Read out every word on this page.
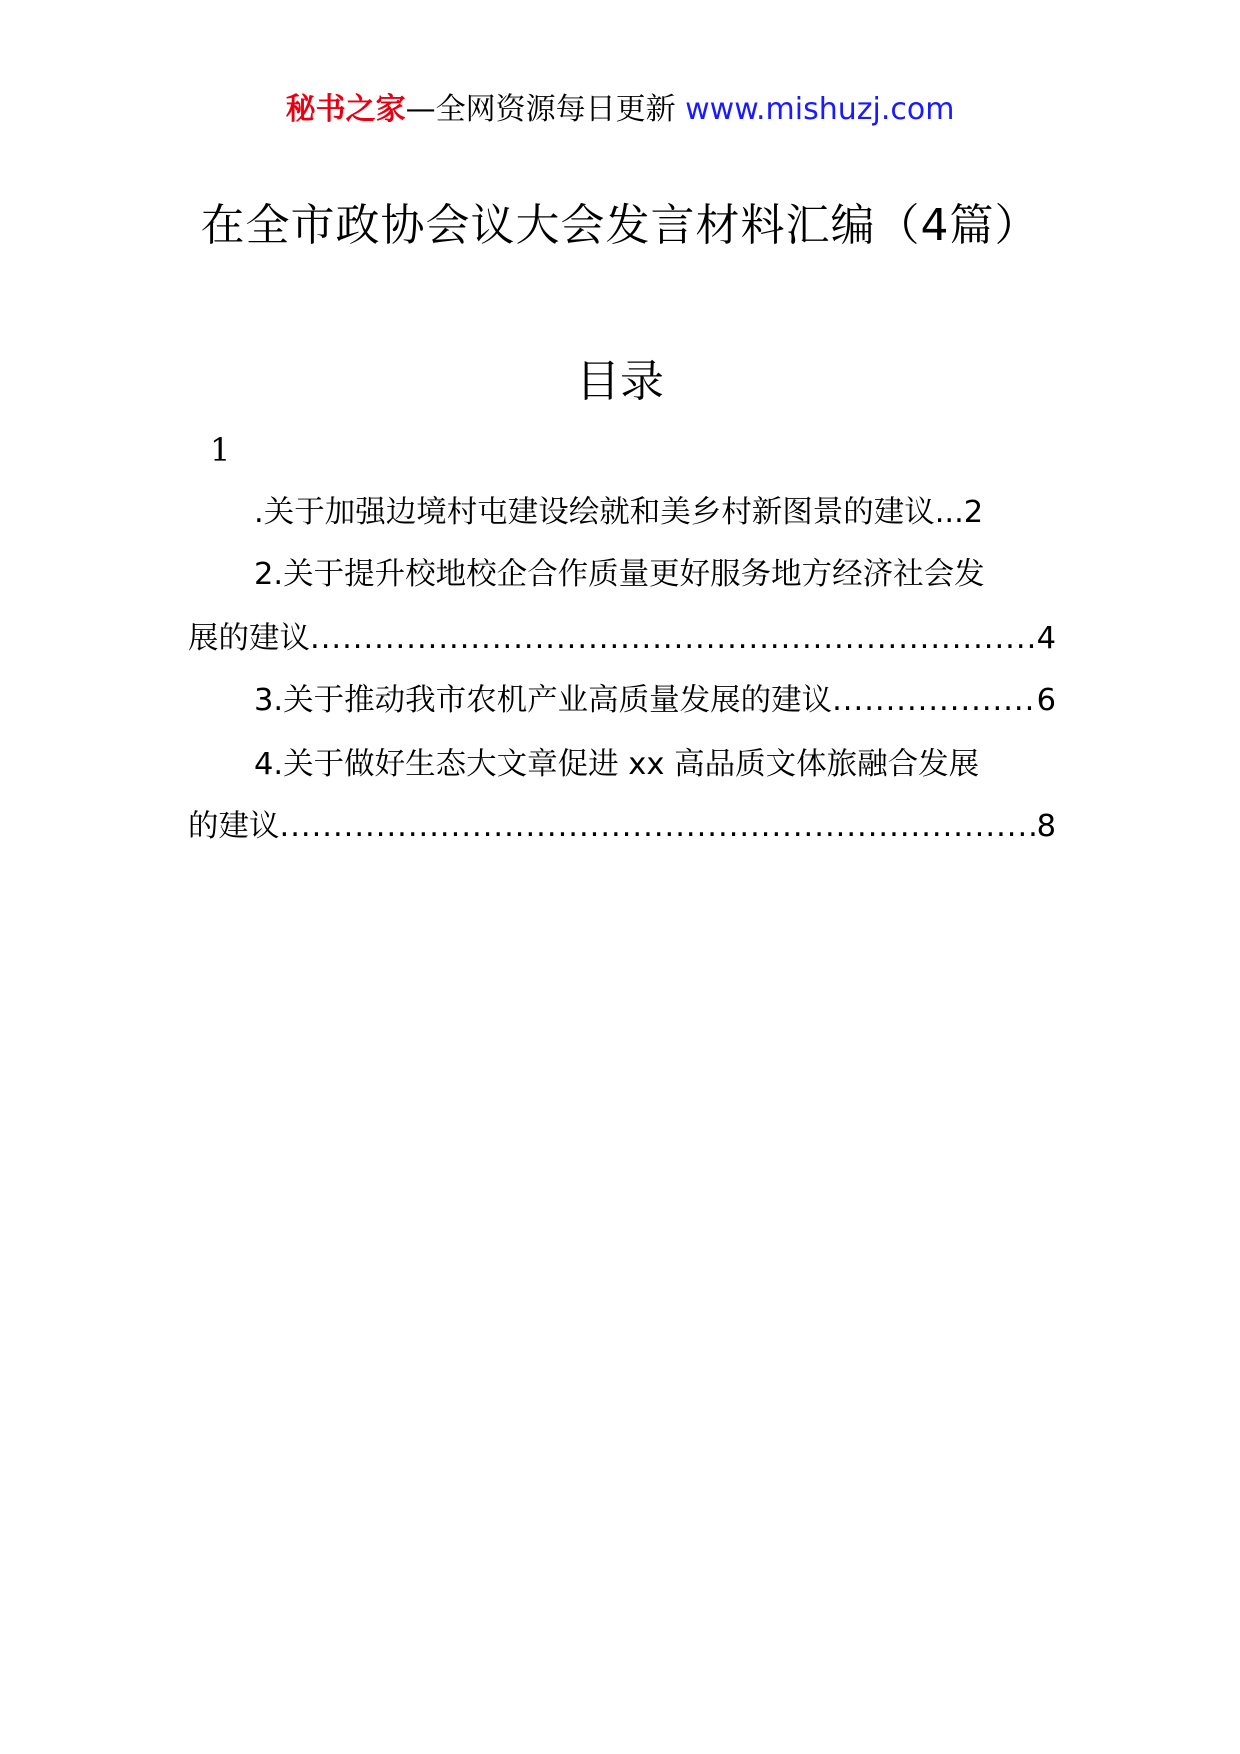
秘书之家—全网资源每日更新 www.mishuzj.com
在全市政协会议大会发言材料汇编（4篇）
目录
1
.关于加强边境村屯建设绘就和美乡村新图景的建议 ... 2
2.关于提升校地校企合作质量更好服务地方经济社会发
展的建议 .....	4
3.关于推动我市农机产业高质量发展的建议 .....	6
4.关于做好生态大文章促进 xx 高品质文体旅融合发展
的建议 .....	8
